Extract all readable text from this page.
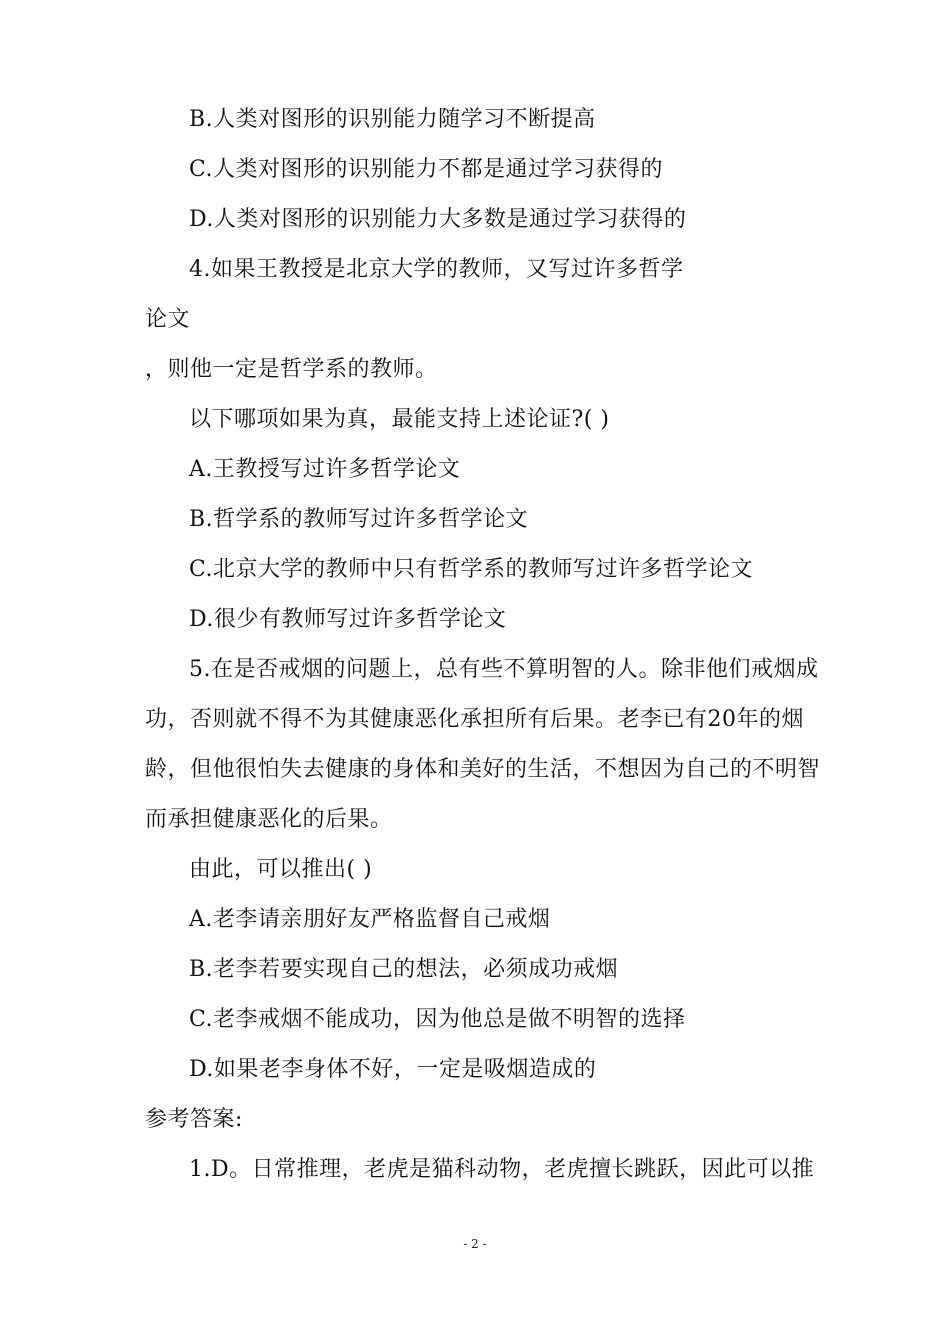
B.人类对图形的识别能力随学习不断提高
C.人类对图形的识别能力不都是通过学习获得的
D.人类对图形的识别能力大多数是通过学习获得的
4.如果王教授是北京大学的教师，又写过许多哲学
论文
，则他一定是哲学系的教师。
以下哪项如果为真，最能支持上述论证?( )
A.王教授写过许多哲学论文
B.哲学系的教师写过许多哲学论文
C.北京大学的教师中只有哲学系的教师写过许多哲学论文
D.很少有教师写过许多哲学论文
5.在是否戒烟的问题上，总有些不算明智的人。除非他们戒烟成
功，否则就不得不为其健康恶化承担所有后果。老李已有20年的烟
龄，但他很怕失去健康的身体和美好的生活，不想因为自己的不明智
而承担健康恶化的后果。
由此，可以推出( )
A.老李请亲朋好友严格监督自己戒烟
B.老李若要实现自己的想法，必须成功戒烟
C.老李戒烟不能成功，因为他总是做不明智的选择
D.如果老李身体不好，一定是吸烟造成的
参考答案:
1.D。日常推理，老虎是猫科动物，老虎擅长跳跃，因此可以推
- 2 -
